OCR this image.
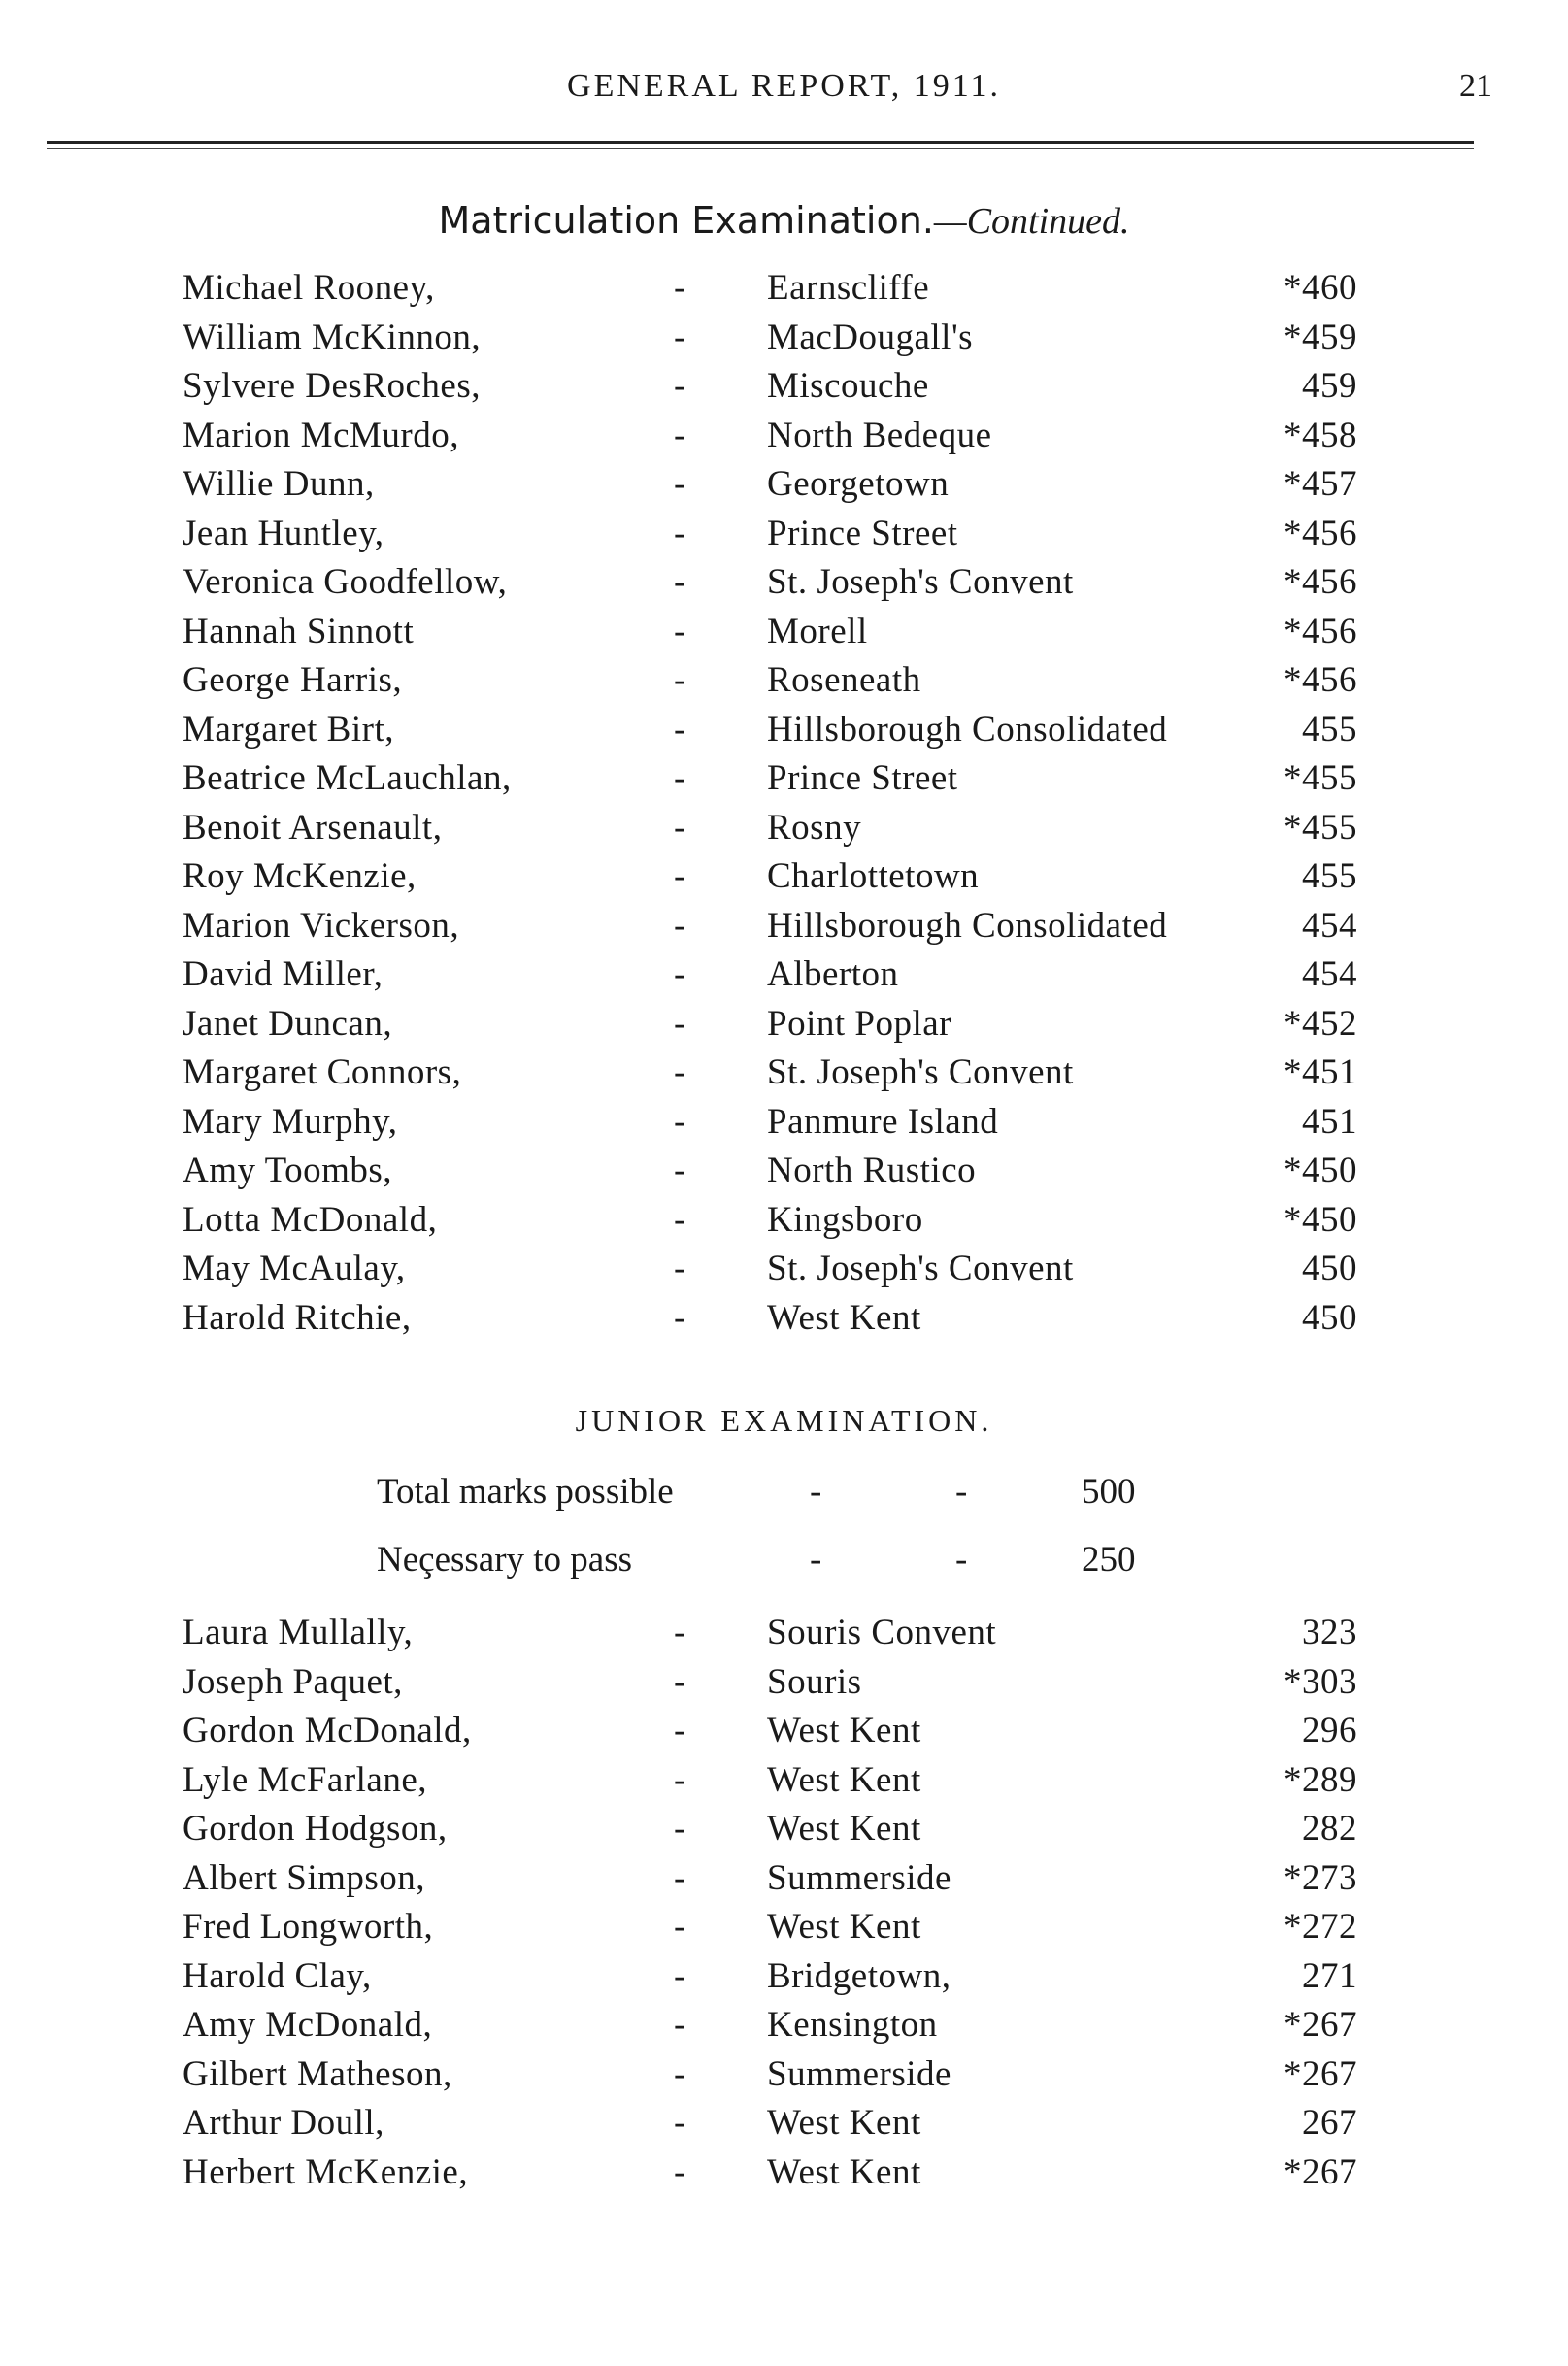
GENERAL REPORT, 1911.	21
Matriculation Examination.—Continued.
Michael Rooney,	- Earnscliffe	*460
William McKinnon,	- MacDougall's	*459
Sylvere DesRoches,	- Miscouche	459
Marion McMurdo,	- North Bedeque	*458
Willie Dunn,	- Georgetown	*457
Jean Huntley,	- Prince Street	*456
Veronica Goodfellow,	- St. Joseph's Convent	*456
Hannah Sinnott	- Morell	*456
George Harris,	- Roseneath	*456
Margaret Birt,	- Hillsborough Consolidated	455
Beatrice McLauchlan,	- Prince Street	*455
Benoit Arsenault,	- Rosny	*455
Roy McKenzie,	- Charlottetown	455
Marion Vickerson,	- Hillsborough Consolidated	454
David Miller,	- Alberton	454
Janet Duncan,	- Point Poplar	*452
Margaret Connors,	- St. Joseph's Convent	*451
Mary Murphy,	- Panmure Island	451
Amy Toombs,	- North Rustico	*450
Lotta McDonald,	- Kingsboro	*450
May McAulay,	- St. Joseph's Convent	450
Harold Ritchie,	- West Kent	450
JUNIOR EXAMINATION.
Total marks possible	-	-	500
Neçessary to pass	-	-	250
Laura Mullally,	- Souris Convent	323
Joseph Paquet,	- Souris	*303
Gordon McDonald,	- West Kent	296
Lyle McFarlane,	- West Kent	*289
Gordon Hodgson,	- West Kent	282
Albert Simpson,	- Summerside	*273
Fred Longworth,	- West Kent	*272
Harold Clay,	- Bridgetown,	271
Amy McDonald,	- Kensington	*267
Gilbert Matheson,	- Summerside	*267
Arthur Doull,	- West Kent	267
Herbert McKenzie,	- West Kent	*267
